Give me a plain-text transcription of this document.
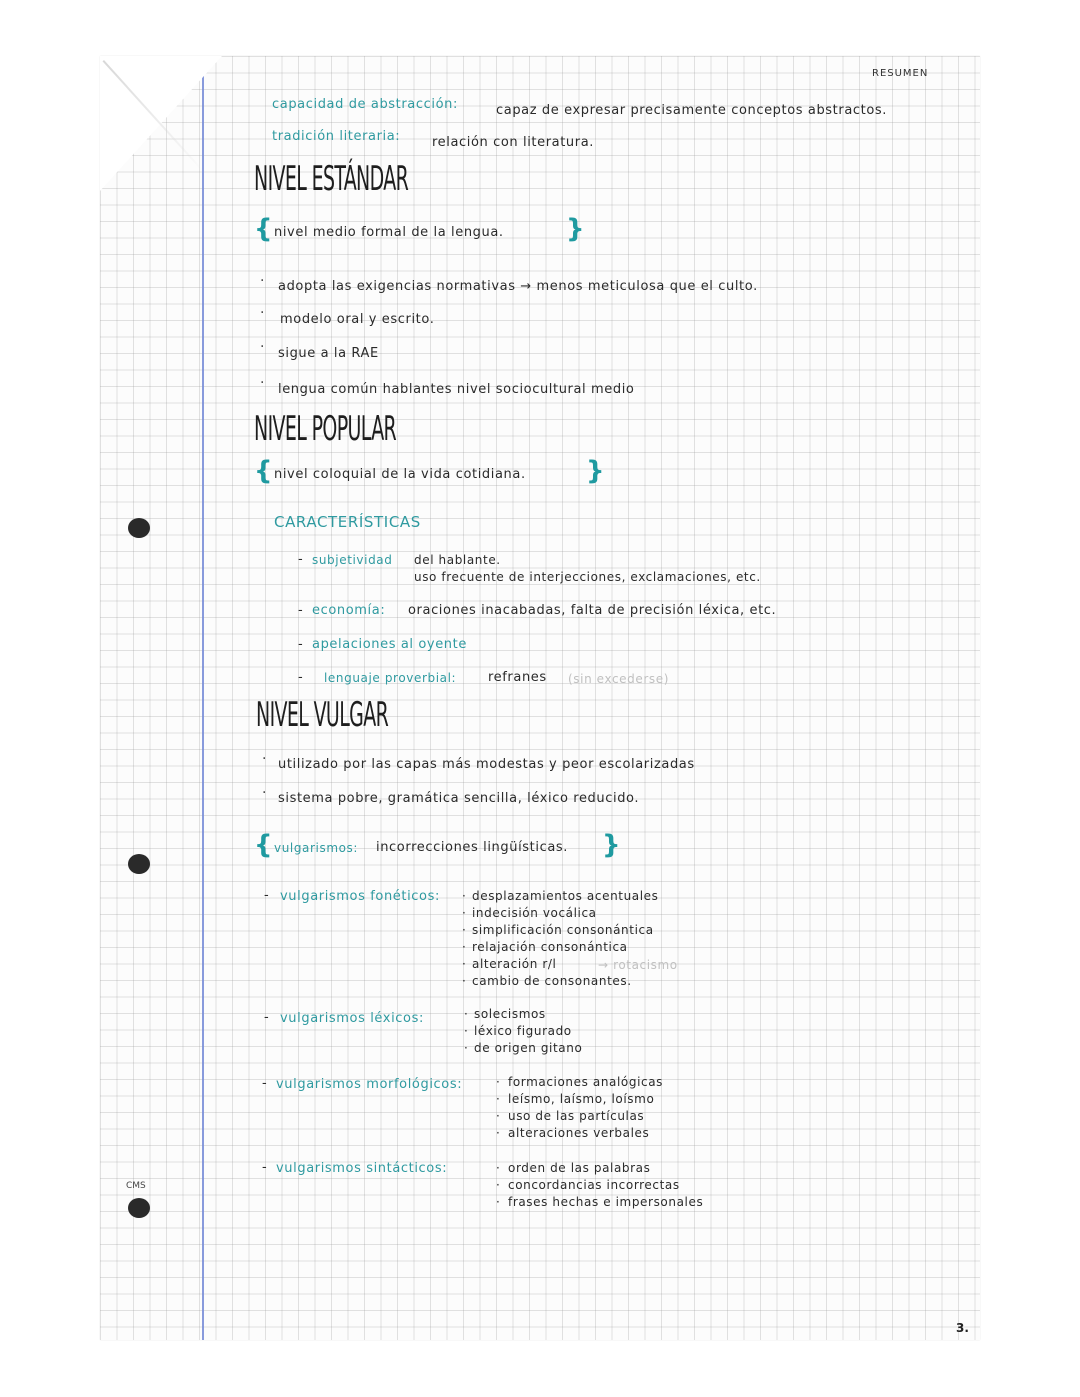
RESUMEN
capacidad de abstracción:	capaz de expresar precisamente conceptos abstractos.
tradición literaria: relación con literatura.
NIVEL ESTÁNDAR
{ nivel medio formal de la lengua. }
· adopta las exigencias normativas → menos meticulosa que el culto.
· modelo oral y escrito.
· sigue a la RAE
· lengua común hablantes nivel sociocultural medio
NIVEL POPULAR
{ nivel coloquial de la vida cotidiana. }
CARACTERÍSTICAS
- subjetividad del hablante.
uso frecuente de interjecciones, exclamaciones, etc.
- economía: oraciones inacabadas, falta de precisión léxica, etc.
- apelaciones al oyente
- lenguaje proverbial: refranes (sin excederse)
NIVEL VULGAR
· utilizado por las capas más modestas y peor escolarizadas
· sistema pobre, gramática sencilla, léxico reducido.
{ vulgarismos: incorrecciones lingüísticas. }
- vulgarismos fonéticos: · desplazamientos acentuales
· indecisión vocálica
· simplificación consonántica
· relajación consonántica
· alteración r/l	→ rotacismo
· cambio de consonantes.
- vulgarismos léxicos:	· solecismos
· léxico figurado
· de origen gitano
- vulgarismos morfológicos:	· formaciones analógicas
· leísmo, laísmo, loísmo
· uso de las partículas
· alteraciones verbales
- vulgarismos sintácticos:	· orden de las palabras
· concordancias incorrectas
· frases hechas e impersonales
CMS
3.
